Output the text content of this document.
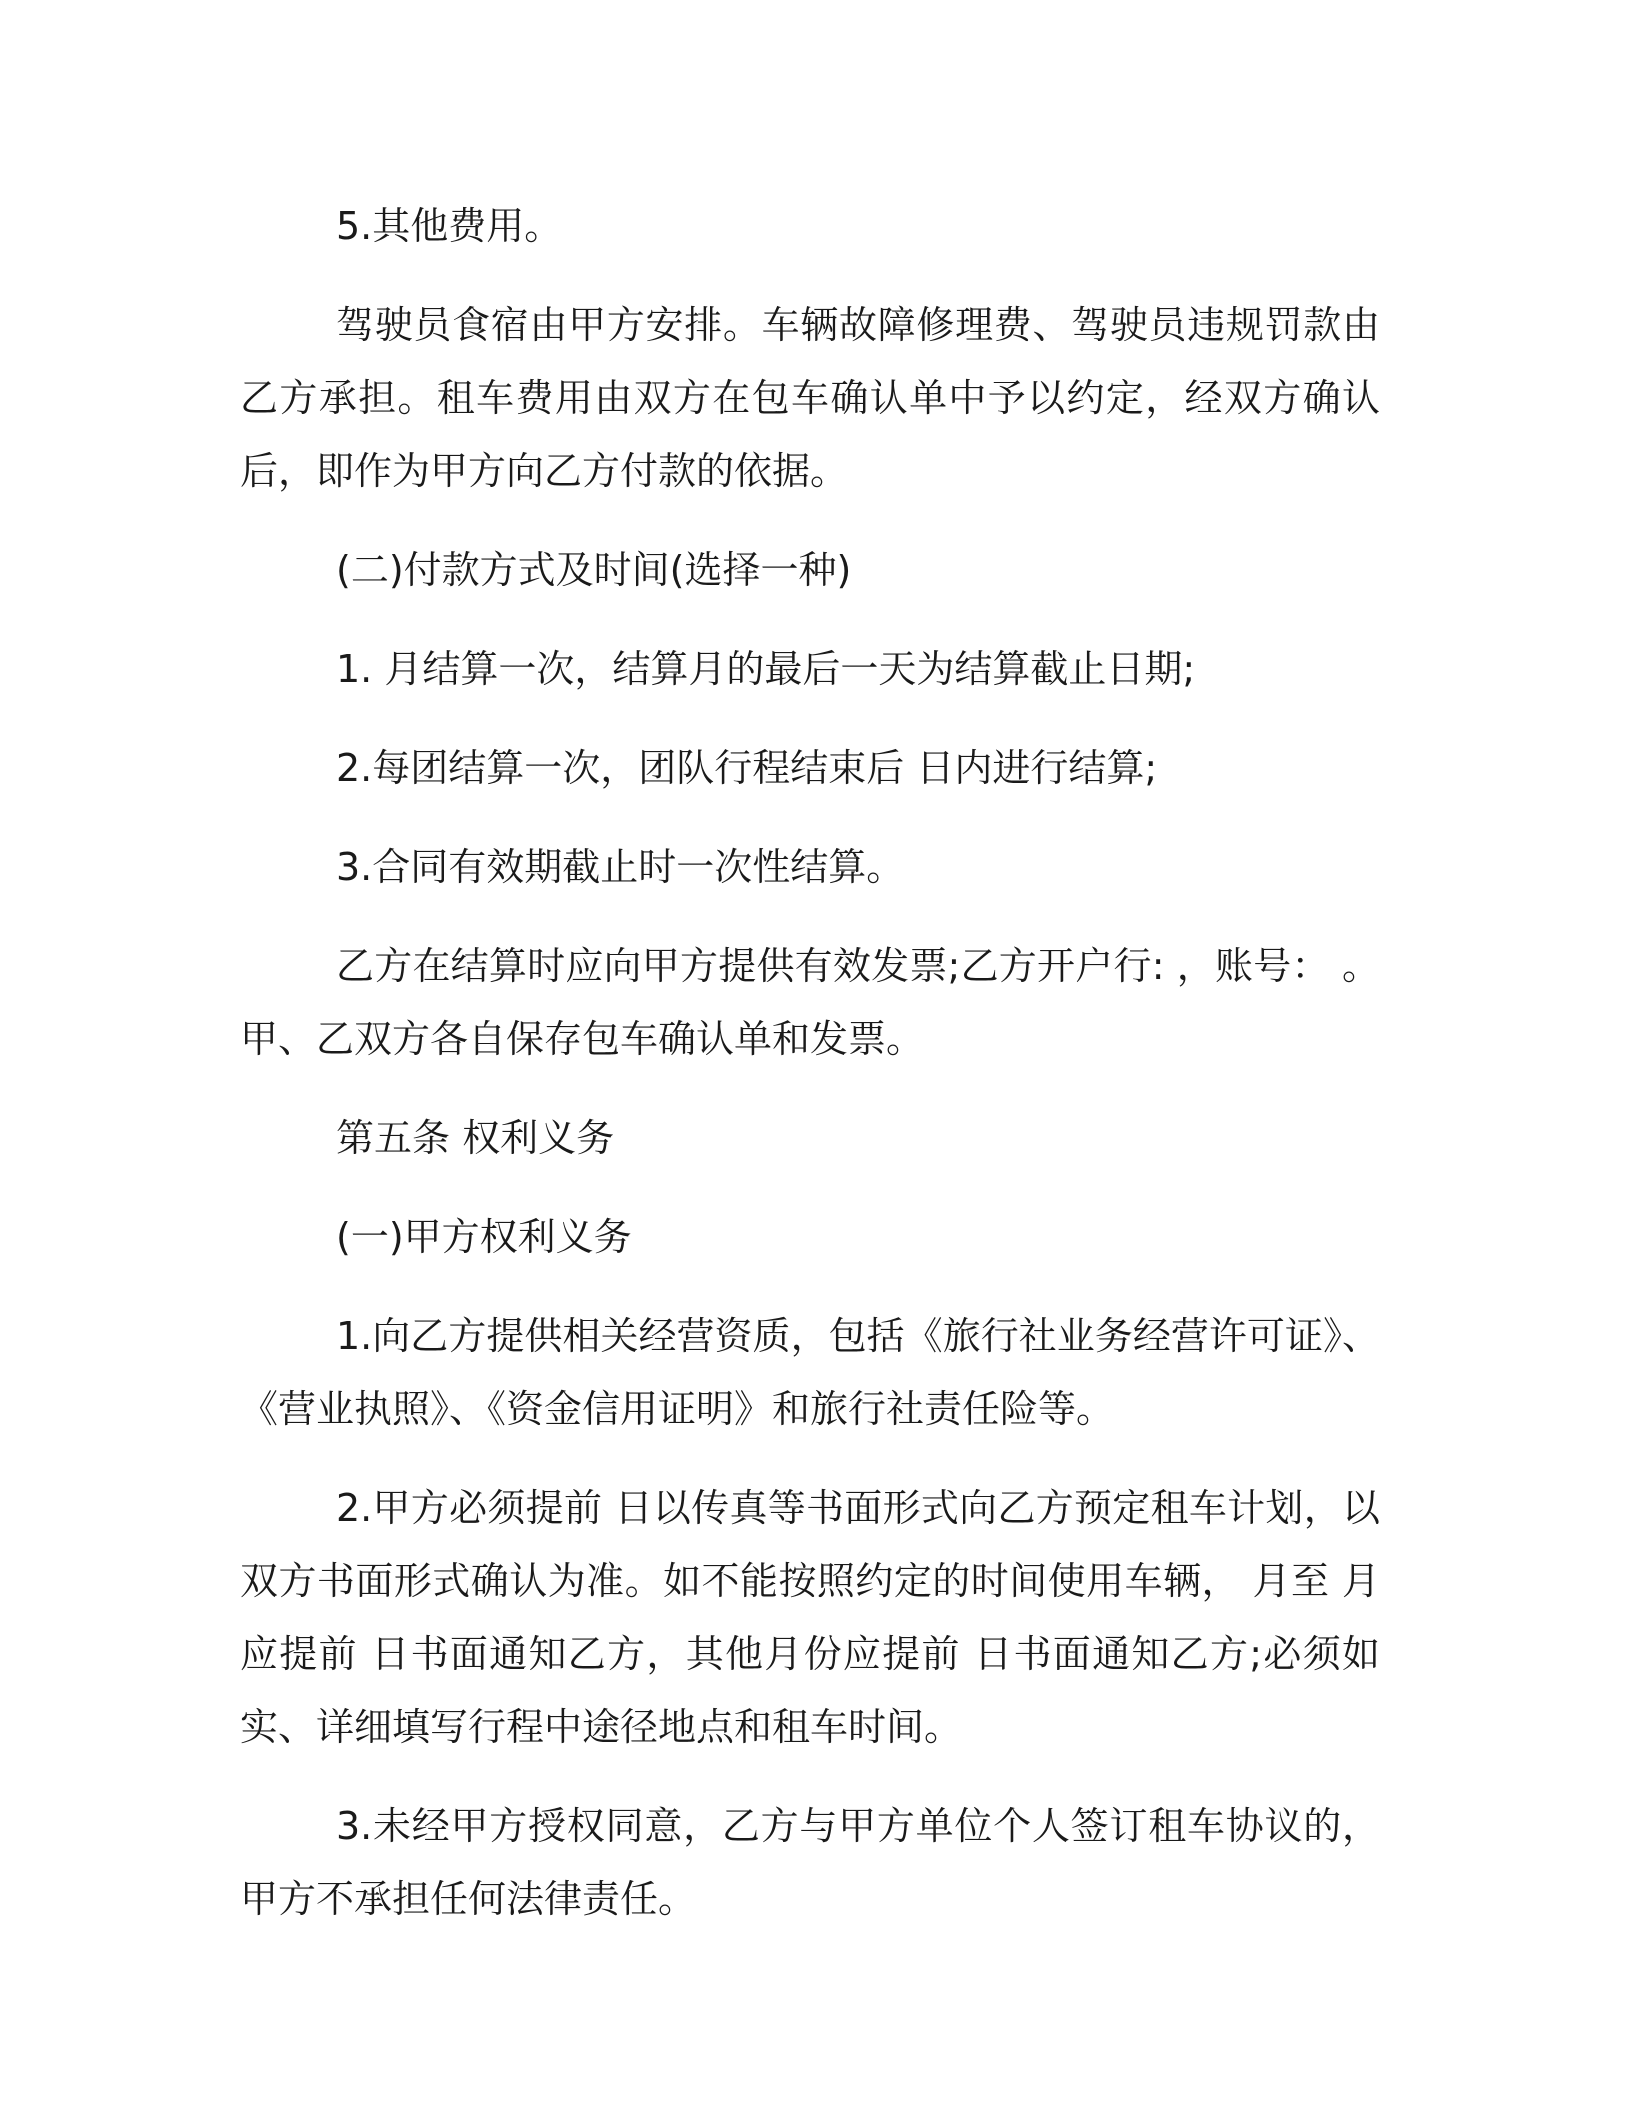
5.其他费用。

驾驶员食宿由甲方安排。车辆故障修理费、驾驶员违规罚款由乙方承担。租车费用由双方在包车确认单中予以约定，经双方确认后，即作为甲方向乙方付款的依据。

(二)付款方式及时间(选择一种)

1. 月结算一次，结算月的最后一天为结算截止日期;

2.每团结算一次，团队行程结束后 日内进行结算;

3.合同有效期截止时一次性结算。

乙方在结算时应向甲方提供有效发票;乙方开户行: ，账号： 。甲、乙双方各自保存包车确认单和发票。

第五条 权利义务

(一)甲方权利义务

1.向乙方提供相关经营资质，包括《旅行社业务经营许可证》、《营业执照》、《资金信用证明》和旅行社责任险等。

2.甲方必须提前 日以传真等书面形式向乙方预定租车计划，以双方书面形式确认为准。如不能按照约定的时间使用车辆， 月至 月应提前 日书面通知乙方，其他月份应提前 日书面通知乙方;必须如实、详细填写行程中途径地点和租车时间。

3.未经甲方授权同意，乙方与甲方单位个人签订租车协议的，甲方不承担任何法律责任。
